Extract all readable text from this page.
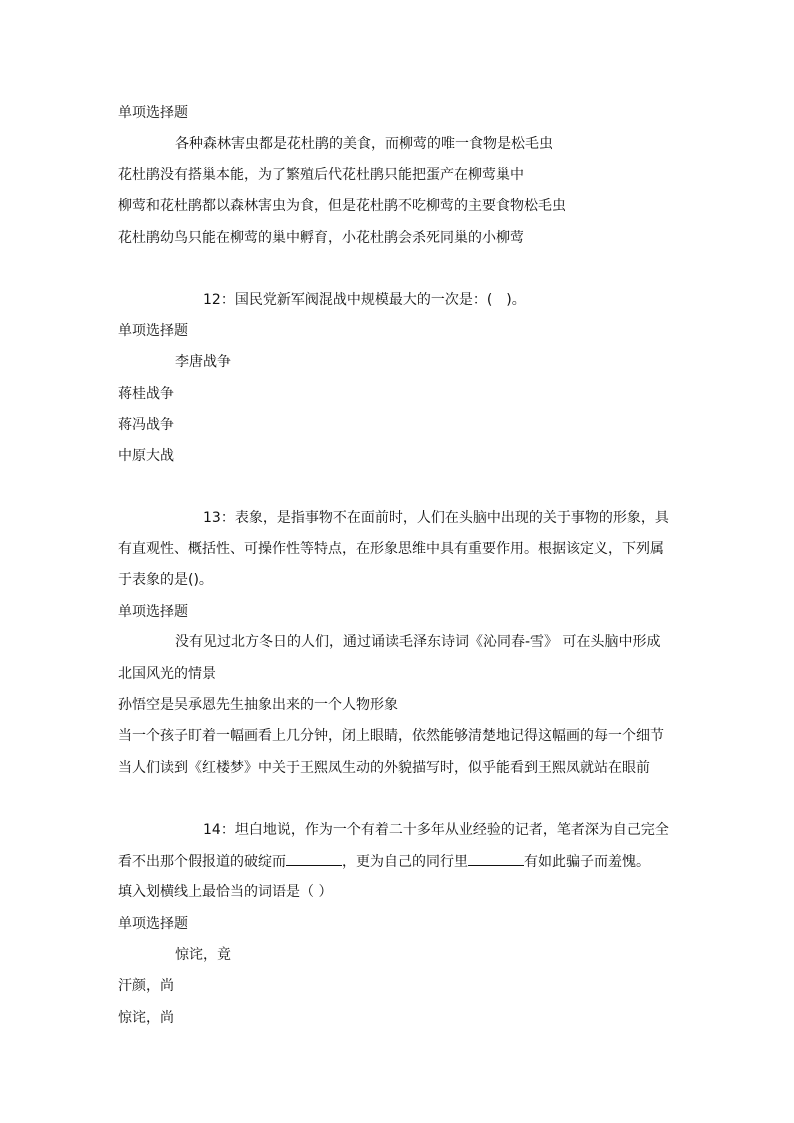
单项选择题
各种森林害虫都是花杜鹃的美食，而柳莺的唯一食物是松毛虫
花杜鹃没有搭巢本能，为了繁殖后代花杜鹃只能把蛋产在柳莺巢中
柳莺和花杜鹃都以森林害虫为食，但是花杜鹃不吃柳莺的主要食物松毛虫
花杜鹃幼鸟只能在柳莺的巢中孵育，小花杜鹃会杀死同巢的小柳莺
12：国民党新军阀混战中规模最大的一次是：(　)。
单项选择题
李唐战争
蒋桂战争
蒋冯战争
中原大战
13：表象，是指事物不在面前时，人们在头脑中出现的关于事物的形象，具
有直观性、概括性、可操作性等特点，在形象思维中具有重要作用。根据该定义，下列属
于表象的是()。
单项选择题
没有见过北方冬日的人们，通过诵读毛泽东诗词《沁同春-雪》 可在头脑中形成
北国风光的情景
孙悟空是吴承恩先生抽象出来的一个人物形象
当一个孩子盯着一幅画看上几分钟，闭上眼睛，依然能够清楚地记得这幅画的每一个细节
当人们读到《红楼梦》中关于王熙凤生动的外貌描写时，似乎能看到王熙凤就站在眼前
14：坦白地说，作为一个有着二十多年从业经验的记者，笔者深为自己完全
看不出那个假报道的破绽而	，更为自己的同行里	有如此骗子而羞愧。
填入划横线上最恰当的词语是（ ）
单项选择题
惊诧，竟
汗颜，尚
惊诧，尚
